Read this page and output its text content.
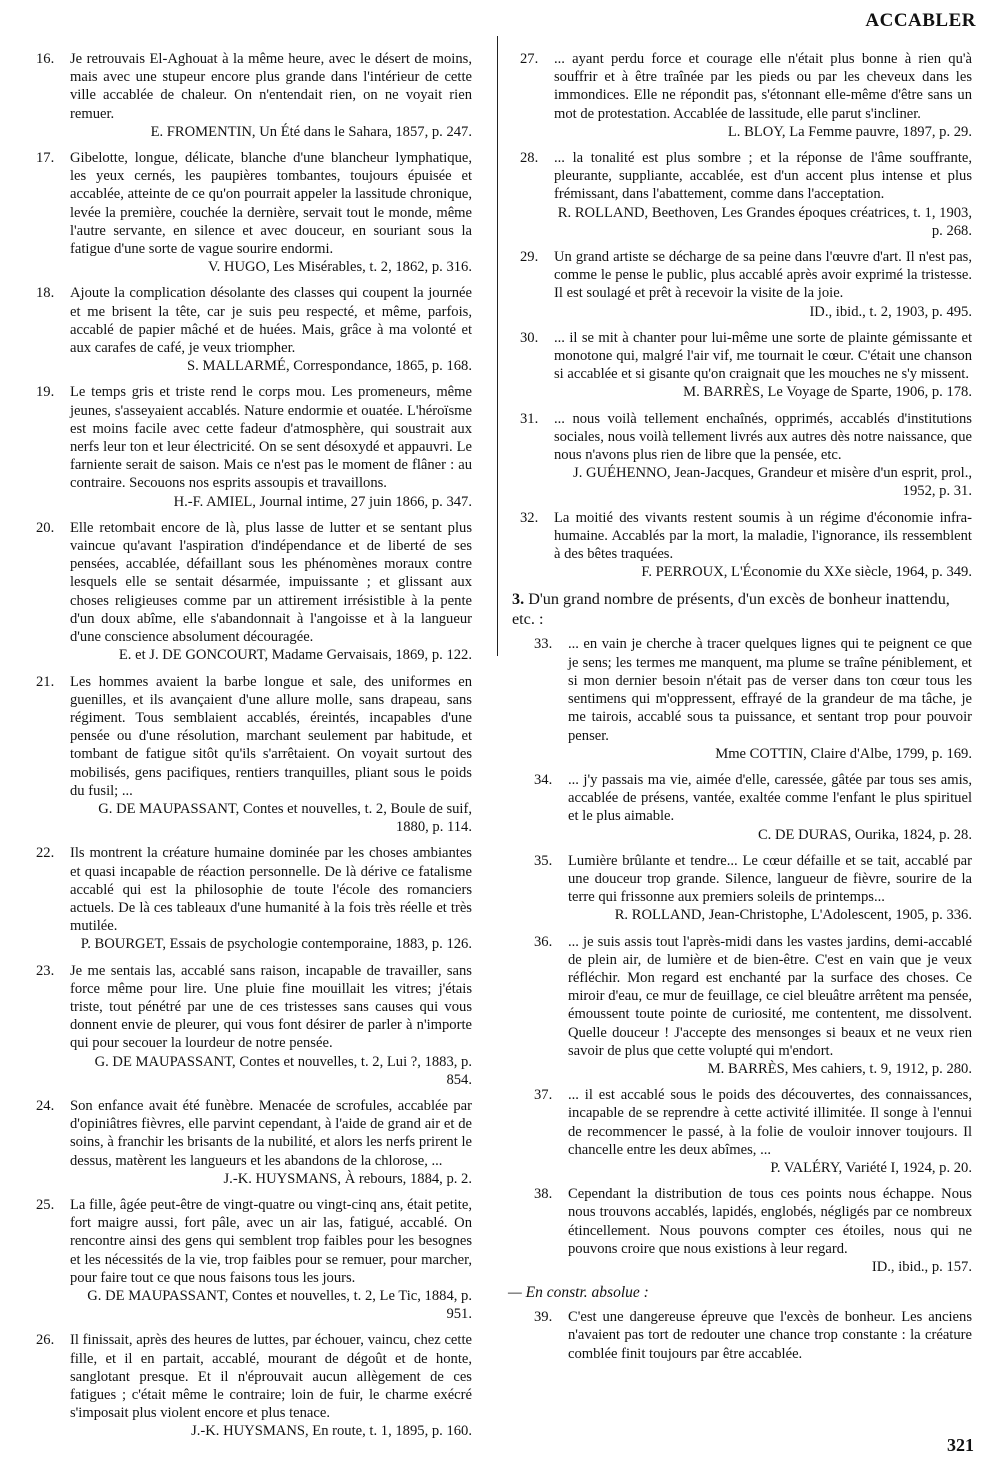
ACCABLER
16. Je retrouvais El-Aghouat à la même heure, avec le désert de moins, mais avec une stupeur encore plus grande dans l'intérieur de cette ville accablée de chaleur. On n'entendait rien, on ne voyait rien remuer.
E. FROMENTIN, Un Été dans le Sahara, 1857, p. 247.
17. Gibelotte, longue, délicate, blanche d'une blancheur lymphatique, les yeux cernés, les paupières tombantes, toujours épuisée et accablée, atteinte de ce qu'on pourrait appeler la lassitude chronique, levée la première, couchée la dernière, servait tout le monde, même l'autre servante, en silence et avec douceur, en souriant sous la fatigue d'une sorte de vague sourire endormi.
V. HUGO, Les Misérables, t. 2, 1862, p. 316.
18. Ajoute la complication désolante des classes qui coupent la journée et me brisent la tête, car je suis peu respecté, et même, parfois, accablé de papier mâché et de huées. Mais, grâce à ma volonté et aux carafes de café, je veux triompher.
S. MALLARMÉ, Correspondance, 1865, p. 168.
19. Le temps gris et triste rend le corps mou. Les promeneurs, même jeunes, s'asseyaient accablés. Nature endormie et ouatée. L'héroïsme est moins facile avec cette fadeur d'atmosphère, qui soustrait aux nerfs leur ton et leur électricité. On se sent désoxydé et appauvri. Le farniente serait de saison. Mais ce n'est pas le moment de flâner : au contraire. Secouons nos esprits assoupis et travaillons.
H.-F. AMIEL, Journal intime, 27 juin 1866, p. 347.
20. Elle retombait encore de là, plus lasse de lutter et se sentant plus vaincue qu'avant l'aspiration d'indépendance et de liberté de ses pensées, accablée, défaillant sous les phénomènes moraux contre lesquels elle se sentait désarmée, impuissante ; et glissant aux choses religieuses comme par un attirement irrésistible à la pente d'un doux abîme, elle s'abandonnait à l'angoisse et à la langueur d'une conscience absolument découragée.
E. et J. DE GONCOURT, Madame Gervaisais, 1869, p. 122.
21. Les hommes avaient la barbe longue et sale, des uniformes en guenilles, et ils avançaient d'une allure molle, sans drapeau, sans régiment. Tous semblaient accablés, éreintés, incapables d'une pensée ou d'une résolution, marchant seulement par habitude, et tombant de fatigue sitôt qu'ils s'arrêtaient. On voyait surtout des mobilisés, gens pacifiques, rentiers tranquilles, pliant sous le poids du fusil; ...
G. DE MAUPASSANT, Contes et nouvelles, t. 2, Boule de suif, 1880, p. 114.
22. Ils montrent la créature humaine dominée par les choses ambiantes et quasi incapable de réaction personnelle. De là dérive ce fatalisme accablé qui est la philosophie de toute l'école des romanciers actuels. De là ces tableaux d'une humanité à la fois très réelle et très mutilée.
P. BOURGET, Essais de psychologie contemporaine, 1883, p. 126.
23. Je me sentais las, accablé sans raison, incapable de travailler, sans force même pour lire. Une pluie fine mouillait les vitres; j'étais triste, tout pénétré par une de ces tristesses sans causes qui vous donnent envie de pleurer, qui vous font désirer de parler à n'importe qui pour secouer la lourdeur de notre pensée.
G. DE MAUPASSANT, Contes et nouvelles, t. 2, Lui ?, 1883, p. 854.
24. Son enfance avait été funèbre. Menacée de scrofules, accablée par d'opiniâtres fièvres, elle parvint cependant, à l'aide de grand air et de soins, à franchir les brisants de la nubilité, et alors les nerfs prirent le dessus, matèrent les langueurs et les abandons de la chlorose, ...
J.-K. HUYSMANS, À rebours, 1884, p. 2.
25. La fille, âgée peut-être de vingt-quatre ou vingt-cinq ans, était petite, fort maigre aussi, fort pâle, avec un air las, fatigué, accablé. On rencontre ainsi des gens qui semblent trop faibles pour les besognes et les nécessités de la vie, trop faibles pour se remuer, pour marcher, pour faire tout ce que nous faisons tous les jours.
G. DE MAUPASSANT, Contes et nouvelles, t. 2, Le Tic, 1884, p. 951.
26. Il finissait, après des heures de luttes, par échouer, vaincu, chez cette fille, et il en partait, accablé, mourant de dégoût et de honte, sanglotant presque. Et il n'éprouvait aucun allègement de ces fatigues ; c'était même le contraire; loin de fuir, le charme exécré s'imposait plus violent encore et plus tenace.
J.-K. HUYSMANS, En route, t. 1, 1895, p. 160.
27. ... ayant perdu force et courage elle n'était plus bonne à rien qu'à souffrir et à être traînée par les pieds ou par les cheveux dans les immondices. Elle ne répondit pas, s'étonnant elle-même d'être sans un mot de protestation. Accablée de lassitude, elle parut s'incliner.
L. BLOY, La Femme pauvre, 1897, p. 29.
28. ... la tonalité est plus sombre ; et la réponse de l'âme souffrante, pleurante, suppliante, accablée, est d'un accent plus intense et plus frémissant, dans l'abattement, comme dans l'acceptation.
R. ROLLAND, Beethoven, Les Grandes époques créatrices, t. 1, 1903, p. 268.
29. Un grand artiste se décharge de sa peine dans l'œuvre d'art. Il n'est pas, comme le pense le public, plus accablé après avoir exprimé la tristesse. Il est soulagé et prêt à recevoir la visite de la joie.
ID., ibid., t. 2, 1903, p. 495.
30. ... il se mit à chanter pour lui-même une sorte de plainte gémissante et monotone qui, malgré l'air vif, me tournait le cœur. C'était une chanson si accablée et si gisante qu'on craignait que les mouches ne s'y missent.
M. BARRÈS, Le Voyage de Sparte, 1906, p. 178.
31. ... nous voilà tellement enchaînés, opprimés, accablés d'institutions sociales, nous voilà tellement livrés aux autres dès notre naissance, que nous n'avons plus rien de libre que la pensée, etc.
J. GUÉHENNO, Jean-Jacques, Grandeur et misère d'un esprit, prol., 1952, p. 31.
32. La moitié des vivants restent soumis à un régime d'économie infra-humaine. Accablés par la mort, la maladie, l'ignorance, ils ressemblent à des bêtes traquées.
F. PERROUX, L'Économie du XXe siècle, 1964, p. 349.
3. D'un grand nombre de présents, d'un excès de bonheur inattendu, etc. :
33. ... en vain je cherche à tracer quelques lignes qui te peignent ce que je sens; les termes me manquent, ma plume se traîne péniblement, et si mon dernier besoin n'était pas de verser dans ton cœur tous les sentimens qui m'oppressent, effrayé de la grandeur de ma tâche, je me tairois, accablé sous ta puissance, et sentant trop pour pouvoir penser.
Mme COTTIN, Claire d'Albe, 1799, p. 169.
34. ... j'y passais ma vie, aimée d'elle, caressée, gâtée par tous ses amis, accablée de présens, vantée, exaltée comme l'enfant le plus spirituel et le plus aimable.
C. DE DURAS, Ourika, 1824, p. 28.
35. Lumière brûlante et tendre... Le cœur défaille et se tait, accablé par une douceur trop grande. Silence, langueur de fièvre, sourire de la terre qui frissonne aux premiers soleils de printemps...
R. ROLLAND, Jean-Christophe, L'Adolescent, 1905, p. 336.
36. ... je suis assis tout l'après-midi dans les vastes jardins, demi-accablé de plein air, de lumière et de bien-être. C'est en vain que je veux réfléchir. Mon regard est enchanté par la surface des choses. Ce miroir d'eau, ce mur de feuillage, ce ciel bleuâtre arrêtent ma pensée, émoussent toute pointe de curiosité, me contentent, me dissolvent. Quelle douceur ! J'accepte des mensonges si beaux et ne veux rien savoir de plus que cette volupté qui m'endort.
M. BARRÈS, Mes cahiers, t. 9, 1912, p. 280.
37. ... il est accablé sous le poids des découvertes, des connaissances, incapable de se reprendre à cette activité illimitée. Il songe à l'ennui de recommencer le passé, à la folie de vouloir innover toujours. Il chancelle entre les deux abîmes, ...
P. VALÉRY, Variété I, 1924, p. 20.
38. Cependant la distribution de tous ces points nous échappe. Nous nous trouvons accablés, lapidés, englobés, négligés par ce nombreux étincellement. Nous pouvons compter ces étoiles, nous qui ne pouvons croire que nous existions à leur regard.
ID., ibid., p. 157.
— En constr. absolue :
39. C'est une dangereuse épreuve que l'excès de bonheur. Les anciens n'avaient pas tort de redouter une chance trop constante : la créature comblée finit toujours par être accablée.
321
